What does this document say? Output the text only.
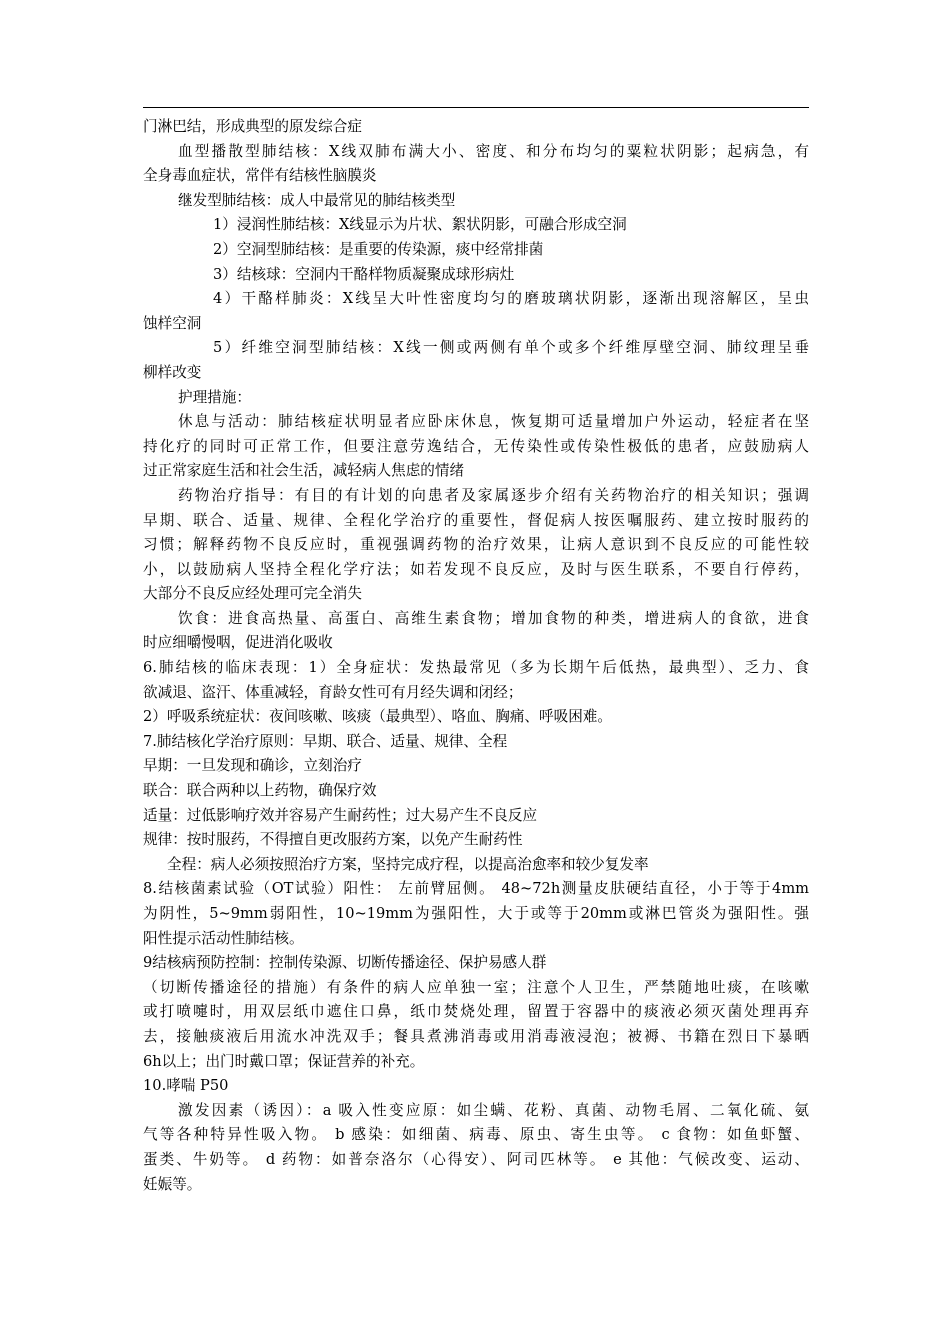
门淋巴结，形成典型的原发综合症
血型播散型肺结核：X线双肺布满大小、密度、和分布均匀的粟粒状阴影；起病急，有
全身毒血症状，常伴有结核性脑膜炎
继发型肺结核：成人中最常见的肺结核类型
1）浸润性肺结核：X线显示为片状、絮状阴影，可融合形成空洞
2）空洞型肺结核：是重要的传染源，痰中经常排菌
3）结核球：空洞内干酪样物质凝聚成球形病灶
4）干酪样肺炎：X线呈大叶性密度均匀的磨玻璃状阴影，逐渐出现溶解区，呈虫
蚀样空洞
5）纤维空洞型肺结核：X线一侧或两侧有单个或多个纤维厚壁空洞、肺纹理呈垂
柳样改变
护理措施：
休息与活动：肺结核症状明显者应卧床休息，恢复期可适量增加户外运动，轻症者在坚
持化疗的同时可正常工作，但要注意劳逸结合，无传染性或传染性极低的患者，应鼓励病人
过正常家庭生活和社会生活，减轻病人焦虑的情绪
药物治疗指导：有目的有计划的向患者及家属逐步介绍有关药物治疗的相关知识；强调
早期、联合、适量、规律、全程化学治疗的重要性，督促病人按医嘱服药、建立按时服药的
习惯；解释药物不良反应时，重视强调药物的治疗效果，让病人意识到不良反应的可能性较
小，以鼓励病人坚持全程化学疗法；如若发现不良反应，及时与医生联系，不要自行停药，
大部分不良反应经处理可完全消失
饮食：进食高热量、高蛋白、高维生素食物；增加食物的种类，增进病人的食欲，进食
时应细嚼慢咽，促进消化吸收
6.肺结核的临床表现：1）全身症状：发热最常见（多为长期午后低热，最典型）、乏力、食
欲减退、盗汗、体重减轻，育龄女性可有月经失调和闭经；
2）呼吸系统症状：夜间咳嗽、咳痰（最典型）、咯血、胸痛、呼吸困难。
7.肺结核化学治疗原则：早期、联合、适量、规律、全程
早期：一旦发现和确诊，立刻治疗
联合：联合两种以上药物，确保疗效
适量：过低影响疗效并容易产生耐药性；过大易产生不良反应
规律：按时服药，不得擅自更改服药方案，以免产生耐药性
全程：病人必须按照治疗方案，坚持完成疗程，以提高治愈率和较少复发率
8.结核菌素试验（OT试验）阳性： 左前臂屈侧。 48~72h测量皮肤硬结直径，小于等于4mm
为阴性，5~9mm弱阳性，10~19mm为强阳性，大于或等于20mm或淋巴管炎为强阳性。强
阳性提示活动性肺结核。
9结核病预防控制：控制传染源、切断传播途径、保护易感人群
（切断传播途径的措施）有条件的病人应单独一室；注意个人卫生，严禁随地吐痰，在咳嗽
或打喷嚏时，用双层纸巾遮住口鼻，纸巾焚烧处理，留置于容器中的痰液必须灭菌处理再弃
去，接触痰液后用流水冲洗双手；餐具煮沸消毒或用消毒液浸泡；被褥、书籍在烈日下暴晒
6h以上；出门时戴口罩；保证营养的补充。
10.哮喘 P50
激发因素（诱因）：a 吸入性变应原：如尘螨、花粉、真菌、动物毛屑、二氧化硫、氨
气等各种特异性吸入物。 b 感染：如细菌、病毒、原虫、寄生虫等。 c 食物：如鱼虾蟹、
蛋类、牛奶等。 d 药物：如普奈洛尔（心得安）、阿司匹林等。 e 其他：气候改变、运动、
妊娠等。
